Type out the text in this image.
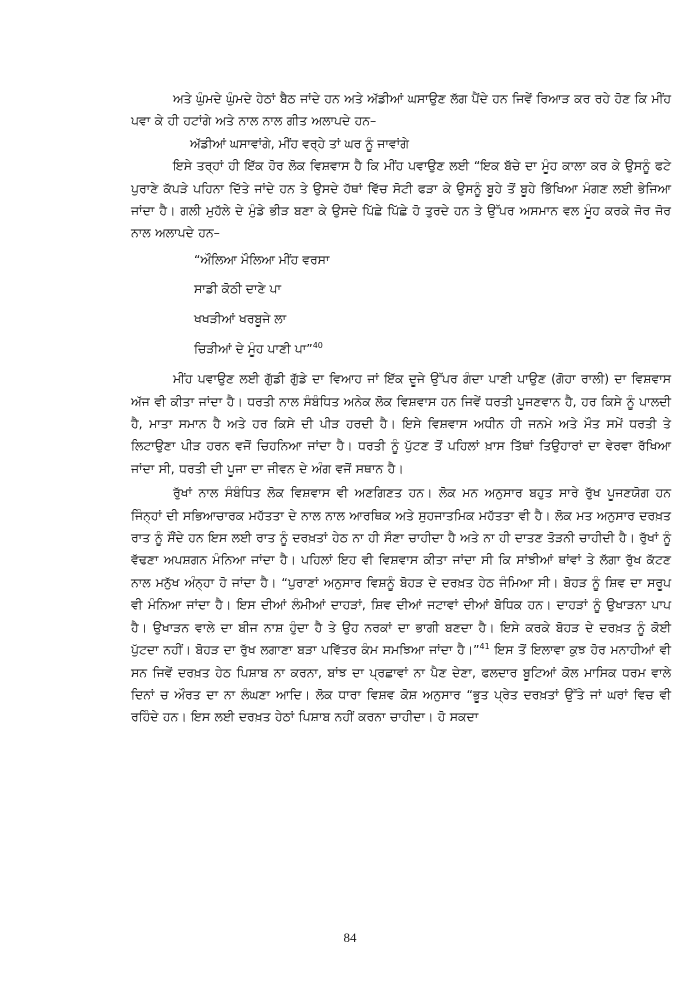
ਅਤੇ ਘੁੰਮਦੇ ਘੁੰਮਦੇ ਹੇਠਾਂ ਬੈਠ ਜਾਂਦੇ ਹਨ ਅਤੇ ਅੱਡੀਆਂ ਘਸਾਉਣ ਲੱਗ ਪੈਂਦੇ ਹਨ ਜਿਵੇਂ ਰਿਆੜ ਕਰ ਰਹੇ ਹੋਣ ਕਿ ਮੀਂਹ ਪਵਾ ਕੇ ਹੀ ਹਟਾਂਗੇ ਅਤੇ ਨਾਲ ਨਾਲ ਗੀਤ ਅਲਾਪਦੇ ਹਨ–

ਅੱਡੀਆਂ ਘਸਾਵਾਂਗੇ, ਮੀਂਹ ਵਰ੍ਹੇ ਤਾਂ ਘਰ ਨੂੰ ਜਾਵਾਂਗੇ

ਇਸੇ ਤਰ੍ਹਾਂ ਹੀ ਇੱਕ ਹੋਰ ਲੋਕ ਵਿਸ਼ਵਾਸ ਹੈ ਕਿ ਮੀਂਹ ਪਵਾਉਣ ਲਈ “ਇਕ ਬੱਚੇ ਦਾ ਮੂੰਹ ਕਾਲਾ ਕਰ ਕੇ ਉਸਨੂੰ ਫਟੇ ਪੁਰਾਣੇ ਕੱਪੜੇ ਪਹਿਨਾ ਦਿੱਤੇ ਜਾਂਦੇ ਹਨ ਤੇ ਉਸਦੇ ਹੱਥਾਂ ਵਿੱਚ ਸੋਟੀ ਫੜਾ ਕੇ ਉਸਨੂੰ ਬੂਹੇ ਤੋਂ ਬੂਹੇ ਭਿੱਖਿਆ ਮੰਗਣ ਲਈ ਭੇਜਿਆ ਜਾਂਦਾ ਹੈ। ਗਲੀ ਮੁਹੱਲੇ ਦੇ ਮੁੰਡੇ ਭੀੜ ਬਣਾ ਕੇ ਉਸਦੇ ਪਿੱਛੇ ਪਿੱਛੇ ਹੋ ਤੁਰਦੇ ਹਨ ਤੇ ਉੱਪਰ ਅਸਮਾਨ ਵਲ ਮੂੰਹ ਕਰਕੇ ਜੋਰ ਜੋਰ ਨਾਲ ਅਲਾਪਦੇ ਹਨ–

“ਔਲਿਆ ਮੌਲਿਆ ਮੀਂਹ ਵਰਸਾ
ਸਾਡੀ ਕੋਠੀ ਦਾਣੇ ਪਾ
ਖਖੜੀਆਂ ਖਰਬੂਜੇ ਲਾ
ਚਿੜੀਆਂ ਦੇ ਮੂੰਹ ਪਾਣੀ ਪਾ”$^{40}$

ਮੀਂਹ ਪਵਾਉਣ ਲਈ ਗੁੱਡੀ ਗੁੱਡੇ ਦਾ ਵਿਆਹ ਜਾਂ ਇੱਕ ਦੂਜੇ ਉੱਪਰ ਗੰਦਾ ਪਾਣੀ ਪਾਉਣ (ਗੋਹਾ ਰਾਲੀ) ਦਾ ਵਿਸ਼ਵਾਸ ਅੱਜ ਵੀ ਕੀਤਾ ਜਾਂਦਾ ਹੈ। ਧਰਤੀ ਨਾਲ ਸੰਬੰਧਿਤ ਅਨੇਕ ਲੋਕ ਵਿਸ਼ਵਾਸ ਹਨ ਜਿਵੇਂ ਧਰਤੀ ਪੂਜਣਵਾਨ ਹੈ, ਹਰ ਕਿਸੇ ਨੂੰ ਪਾਲਦੀ ਹੈ, ਮਾਤਾ ਸਮਾਨ ਹੈ ਅਤੇ ਹਰ ਕਿਸੇ ਦੀ ਪੀੜ ਹਰਦੀ ਹੈ। ਇਸੇ ਵਿਸ਼ਵਾਸ ਅਧੀਨ ਹੀ ਜਨਮੇ ਅਤੇ ਮੌਤ ਸਮੇਂ ਧਰਤੀ ਤੇ ਲਿਟਾਉਣਾ ਪੀੜ ਹਰਨ ਵਜੋਂ ਚਿਹਨਿਆ ਜਾਂਦਾ ਹੈ। ਧਰਤੀ ਨੂੰ ਪੁੱਟਣ ਤੋਂ ਪਹਿਲਾਂ ਖ਼ਾਸ ਤਿੱਥਾਂ ਤਿਉਹਾਰਾਂ ਦਾ ਵੇਰਵਾ ਰੱਖਿਆ ਜਾਂਦਾ ਸੀ, ਧਰਤੀ ਦੀ ਪੂਜਾ ਦਾ ਜੀਵਨ ਦੇ ਅੰਗ ਵਜੋਂ ਸਥਾਨ ਹੈ।

ਰੁੱਖਾਂ ਨਾਲ ਸੰਬੰਧਿਤ ਲੋਕ ਵਿਸ਼ਵਾਸ ਵੀ ਅਣਗਿਣਤ ਹਨ। ਲੋਕ ਮਨ ਅਨੁਸਾਰ ਬਹੁਤ ਸਾਰੇ ਰੁੱਖ ਪੂਜਣਯੋਗ ਹਨ ਜਿੰਨ੍ਹਾਂ ਦੀ ਸਭਿਆਚਾਰਕ ਮਹੱਤਤਾ ਦੇ ਨਾਲ ਨਾਲ ਆਰਥਿਕ ਅਤੇ ਸੁਹਜਾਤਮਿਕ ਮਹੱਤਤਾ ਵੀ ਹੈ। ਲੋਕ ਮਤ ਅਨੁਸਾਰ ਦਰਖ਼ਤ ਰਾਤ ਨੂੰ ਸੌਂਦੇ ਹਨ ਇਸ ਲਈ ਰਾਤ ਨੂੰ ਦਰਖ਼ਤਾਂ ਹੇਠ ਨਾ ਹੀ ਸੌਣਾ ਚਾਹੀਦਾ ਹੈ ਅਤੇ ਨਾ ਹੀ ਦਾਤਣ ਤੋੜਨੀ ਚਾਹੀਦੀ ਹੈ। ਰੁੱਖਾਂ ਨੂੰ ਵੱਢਣਾ ਅਪਸ਼ਗਨ ਮੰਨਿਆ ਜਾਂਦਾ ਹੈ। ਪਹਿਲਾਂ ਇਹ ਵੀ ਵਿਸ਼ਵਾਸ ਕੀਤਾ ਜਾਂਦਾ ਸੀ ਕਿ ਸਾਂਝੀਆਂ ਥਾਂਵਾਂ ਤੇ ਲੱਗਾ ਰੁੱਖ ਕੱਟਣ ਨਾਲ ਮਨੁੱਖ ਅੰਨ੍ਹਾ ਹੋ ਜਾਂਦਾ ਹੈ। “ਪੁਰਾਣਾਂ ਅਨੁਸਾਰ ਵਿਸ਼ਨੂੰ ਬੋਹੜ ਦੇ ਦਰਖ਼ਤ ਹੇਠ ਜੰਮਿਆ ਸੀ। ਬੋਹੜ ਨੂੰ ਸ਼ਿਵ ਦਾ ਸਰੂਪ ਵੀ ਮੰਨਿਆ ਜਾਂਦਾ ਹੈ। ਇਸ ਦੀਆਂ ਲੰਮੀਆਂ ਦਾਹੜਾਂ, ਸ਼ਿਵ ਦੀਆਂ ਜਟਾਵਾਂ ਦੀਆਂ ਬੋਧਿਕ ਹਨ। ਦਾਹੜਾਂ ਨੂੰ ਉਖਾੜਨਾ ਪਾਪ ਹੈ। ਉਖਾੜਨ ਵਾਲੇ ਦਾ ਬੀਜ ਨਾਸ਼ ਹੁੰਦਾ ਹੈ ਤੇ ਉਹ ਨਰਕਾਂ ਦਾ ਭਾਗੀ ਬਣਦਾ ਹੈ। ਇਸੇ ਕਰਕੇ ਬੋਹੜ ਦੇ ਦਰਖ਼ਤ ਨੂੰ ਕੋਈ ਪੁੱਟਦਾ ਨਹੀਂ। ਬੋਹੜ ਦਾ ਰੁੱਖ ਲਗਾਣਾ ਬੜਾ ਪਵਿੱਤਰ ਕੰਮ ਸਮਝਿਆ ਜਾਂਦਾ ਹੈ।”$^{41}$ ਇਸ ਤੋਂ ਇਲਾਵਾ ਕੁਝ ਹੋਰ ਮਨਾਹੀਆਂ ਵੀ ਸਨ ਜਿਵੇਂ ਦਰਖ਼ਤ ਹੇਠ ਪਿਸ਼ਾਬ ਨਾ ਕਰਨਾ, ਬਾਂਝ ਦਾ ਪ੍ਰਛਾਵਾਂ ਨਾ ਪੈਣ ਦੇਣਾ, ਫਲਦਾਰ ਬੂਟਿਆਂ ਕੋਲ ਮਾਸਿਕ ਧਰਮ ਵਾਲੇ ਦਿਨਾਂ ਚ ਔਰਤ ਦਾ ਨਾ ਲੰਘਣਾ ਆਦਿ। ਲੋਕ ਧਾਰਾ ਵਿਸ਼ਵ ਕੋਸ਼ ਅਨੁਸਾਰ “ਭੂਤ ਪ੍ਰੇਤ ਦਰਖ਼ਤਾਂ ਉੱਤੇ ਜਾਂ ਘਰਾਂ ਵਿਚ ਵੀ ਰਹਿੰਦੇ ਹਨ। ਇਸ ਲਈ ਦਰਖ਼ਤ ਹੇਠਾਂ ਪਿਸ਼ਾਬ ਨਹੀਂ ਕਰਨਾ ਚਾਹੀਦਾ। ਹੋ ਸਕਦਾ

84
